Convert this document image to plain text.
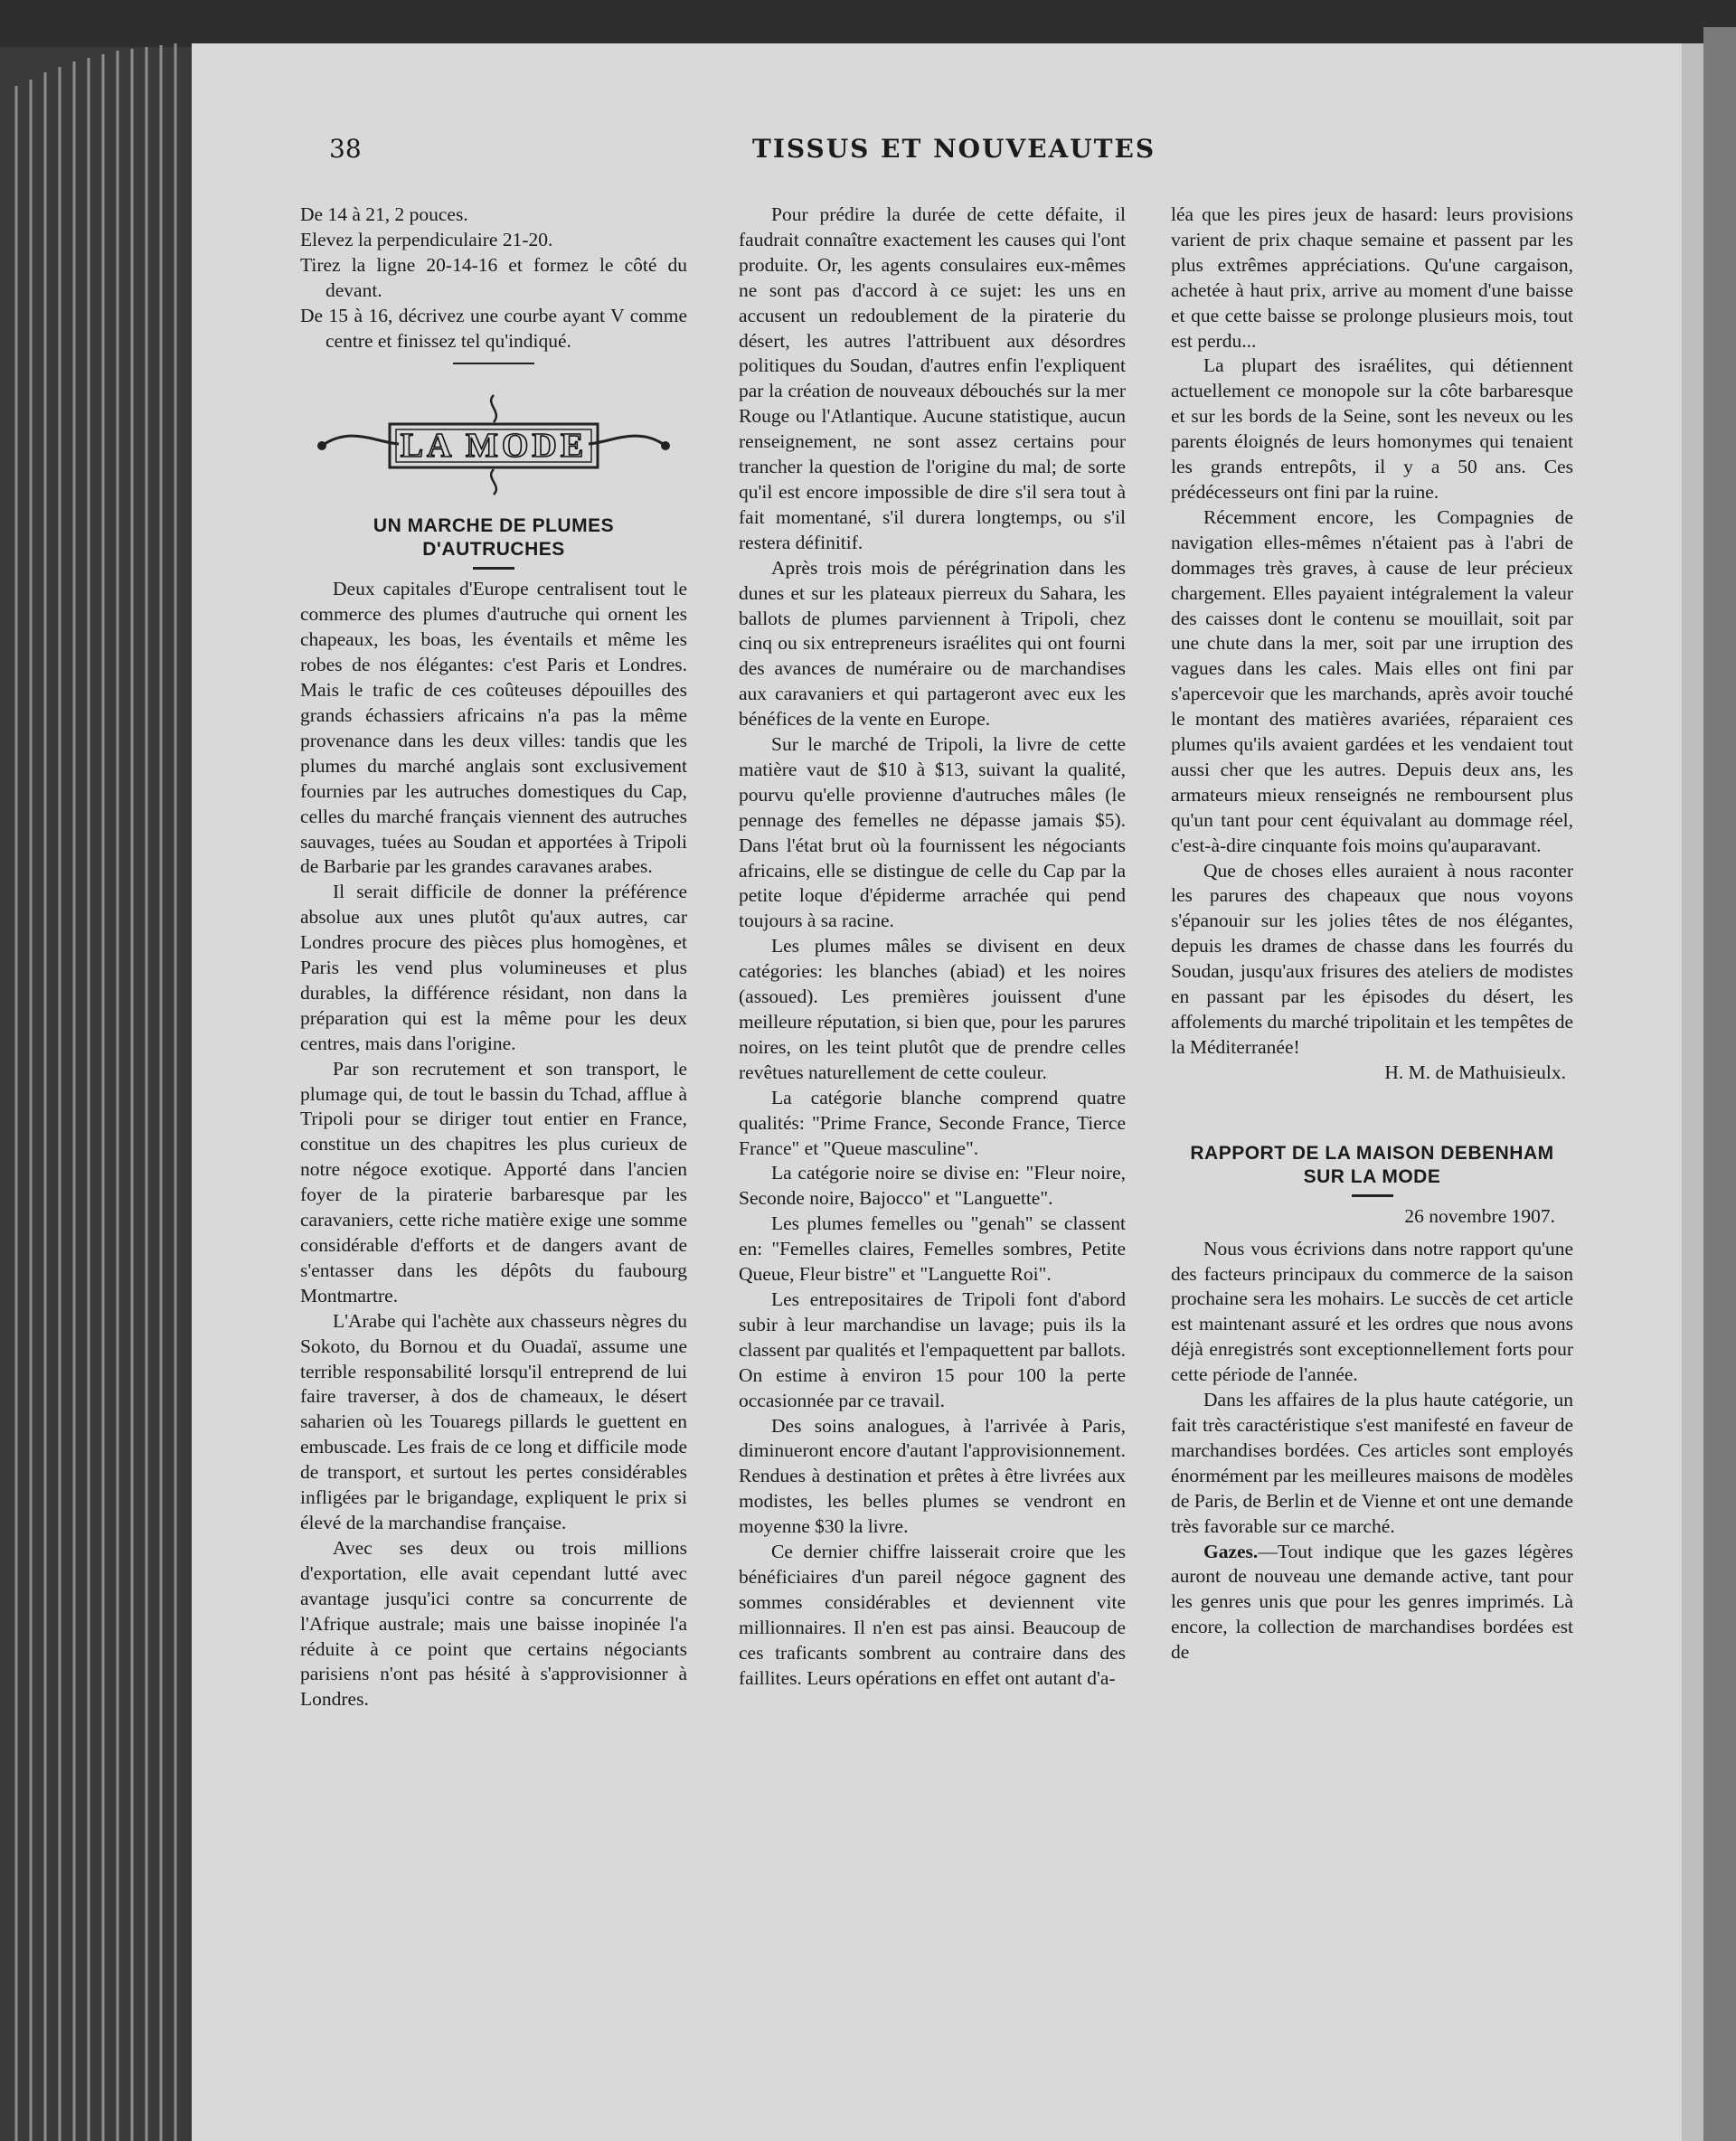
38	TISSUS ET NOUVEAUTES

De 14 à 21, 2 pouces.

Elevez la perpendiculaire 21-20.

Tirez la ligne 20-14-16 et formez le côté du devant.

De 15 à 16, décrivez une courbe ayant V comme centre et finissez tel qu'indiqué.

LA MODE
UN MARCHE DE PLUMES D'AUTRUCHES

Deux capitales d'Europe centralisent tout le commerce des plumes d'autruche qui ornent les chapeaux, les boas, les éventails et même les robes de nos élégantes: c'est Paris et Londres. Mais le trafic de ces coûteuses dépouilles des grands échassiers africains n'a pas la même provenance dans les deux villes: tandis que les plumes du marché anglais sont exclusivement fournies par les autruches domestiques du Cap, celles du marché français viennent des autruches sauvages, tuées au Soudan et apportées à Tripoli de Barbarie par les grandes caravanes arabes.

Il serait difficile de donner la préférence absolue aux unes plutôt qu'aux autres, car Londres procure des pièces plus homogènes, et Paris les vend plus volumineuses et plus durables, la différence résidant, non dans la préparation qui est la même pour les deux centres, mais dans l'origine.

Par son recrutement et son transport, le plumage qui, de tout le bassin du Tchad, afflue à Tripoli pour se diriger tout entier en France, constitue un des chapitres les plus curieux de notre négoce exotique. Apporté dans l'ancien foyer de la piraterie barbaresque par les caravaniers, cette riche matière exige une somme considérable d'efforts et de dangers avant de s'entasser dans les dépôts du faubourg Montmartre.

L'Arabe qui l'achète aux chasseurs nègres du Sokoto, du Bornou et du Ouadaï, assume une terrible responsabilité lorsqu'il entreprend de lui faire traverser, à dos de chameaux, le désert saharien où les Touaregs pillards le guettent en embuscade. Les frais de ce long et difficile mode de transport, et surtout les pertes considérables infligées par le brigandage, expliquent le prix si élevé de la marchandise française.

Avec ses deux ou trois millions d'exportation, elle avait cependant lutté avec avantage jusqu'ici contre sa concurrente de l'Afrique australe; mais une baisse inopinée l'a réduite à ce point que certains négociants parisiens n'ont pas hésité à s'approvisionner à Londres.

Pour prédire la durée de cette défaite, il faudrait connaître exactement les causes qui l'ont produite. Or, les agents consulaires eux-mêmes ne sont pas d'accord à ce sujet: les uns en accusent un redoublement de la piraterie du désert, les autres l'attribuent aux désordres politiques du Soudan, d'autres enfin l'expliquent par la création de nouveaux débouchés sur la mer Rouge ou l'Atlantique. Aucune statistique, aucun renseignement, ne sont assez certains pour trancher la question de l'origine du mal; de sorte qu'il est encore impossible de dire s'il sera tout à fait momentané, s'il durera longtemps, ou s'il restera définitif.

Après trois mois de pérégrination dans les dunes et sur les plateaux pierreux du Sahara, les ballots de plumes parviennent à Tripoli, chez cinq ou six entrepreneurs israélites qui ont fourni des avances de numéraire ou de marchandises aux caravaniers et qui partageront avec eux les bénéfices de la vente en Europe.

Sur le marché de Tripoli, la livre de cette matière vaut de $10 à $13, suivant la qualité, pourvu qu'elle provienne d'autruches mâles (le pennage des femelles ne dépasse jamais $5). Dans l'état brut où la fournissent les négociants africains, elle se distingue de celle du Cap par la petite loque d'épiderme arrachée qui pend toujours à sa racine.

Les plumes mâles se divisent en deux catégories: les blanches (abiad) et les noires (assoued). Les premières jouissent d'une meilleure réputation, si bien que, pour les parures noires, on les teint plutôt que de prendre celles revêtues naturellement de cette couleur.

La catégorie blanche comprend quatre qualités: "Prime France, Seconde France, Tierce France" et "Queue masculine".

La catégorie noire se divise en: "Fleur noire, Seconde noire, Bajocco" et "Languette".

Les plumes femelles ou "genah" se classent en: "Femelles claires, Femelles sombres, Petite Queue, Fleur bistre" et "Languette Roi".

Les entrepositaires de Tripoli font d'abord subir à leur marchandise un lavage; puis ils la classent par qualités et l'empaquettent par ballots. On estime à environ 15 pour 100 la perte occasionnée par ce travail.

Des soins analogues, à l'arrivée à Paris, diminueront encore d'autant l'approvisionnement. Rendues à destination et prêtes à être livrées aux modistes, les belles plumes se vendront en moyenne $30 la livre.

Ce dernier chiffre laisserait croire que les bénéficiaires d'un pareil négoce gagnent des sommes considérables et deviennent vite millionnaires. Il n'en est pas ainsi. Beaucoup de ces traficants sombrent au contraire dans des faillites. Leurs opérations en effet ont autant d'a-

léa que les pires jeux de hasard: leurs provisions varient de prix chaque semaine et passent par les plus extrêmes appréciations. Qu'une cargaison, achetée à haut prix, arrive au moment d'une baisse et que cette baisse se prolonge plusieurs mois, tout est perdu...

La plupart des israélites, qui détiennent actuellement ce monopole sur la côte barbaresque et sur les bords de la Seine, sont les neveux ou les parents éloignés de leurs homonymes qui tenaient les grands entrepôts, il y a 50 ans. Ces prédécesseurs ont fini par la ruine.

Récemment encore, les Compagnies de navigation elles-mêmes n'étaient pas à l'abri de dommages très graves, à cause de leur précieux chargement. Elles payaient intégralement la valeur des caisses dont le contenu se mouillait, soit par une chute dans la mer, soit par une irruption des vagues dans les cales. Mais elles ont fini par s'apercevoir que les marchands, après avoir touché le montant des matières avariées, réparaient ces plumes qu'ils avaient gardées et les vendaient tout aussi cher que les autres. Depuis deux ans, les armateurs mieux renseignés ne remboursent plus qu'un tant pour cent équivalant au dommage réel, c'est-à-dire cinquante fois moins qu'auparavant.

Que de choses elles auraient à nous raconter les parures des chapeaux que nous voyons s'épanouir sur les jolies têtes de nos élégantes, depuis les drames de chasse dans les fourrés du Soudan, jusqu'aux frisures des ateliers de modistes en passant par les épisodes du désert, les affolements du marché tripolitain et les tempêtes de la Méditerranée!

H. M. de Mathuisieulx.

RAPPORT DE LA MAISON DEBENHAM SUR LA MODE

26 novembre 1907.

Nous vous écrivions dans notre rapport qu'une des facteurs principaux du commerce de la saison prochaine sera les mohairs. Le succès de cet article est maintenant assuré et les ordres que nous avons déjà enregistrés sont exceptionnellement forts pour cette période de l'année.

Dans les affaires de la plus haute catégorie, un fait très caractéristique s'est manifesté en faveur de marchandises bordées. Ces articles sont employés énormément par les meilleures maisons de modèles de Paris, de Berlin et de Vienne et ont une demande très favorable sur ce marché.

Gazes.—Tout indique que les gazes légères auront de nouveau une demande active, tant pour les genres unis que pour les genres imprimés. Là encore, la collection de marchandises bordées est de
